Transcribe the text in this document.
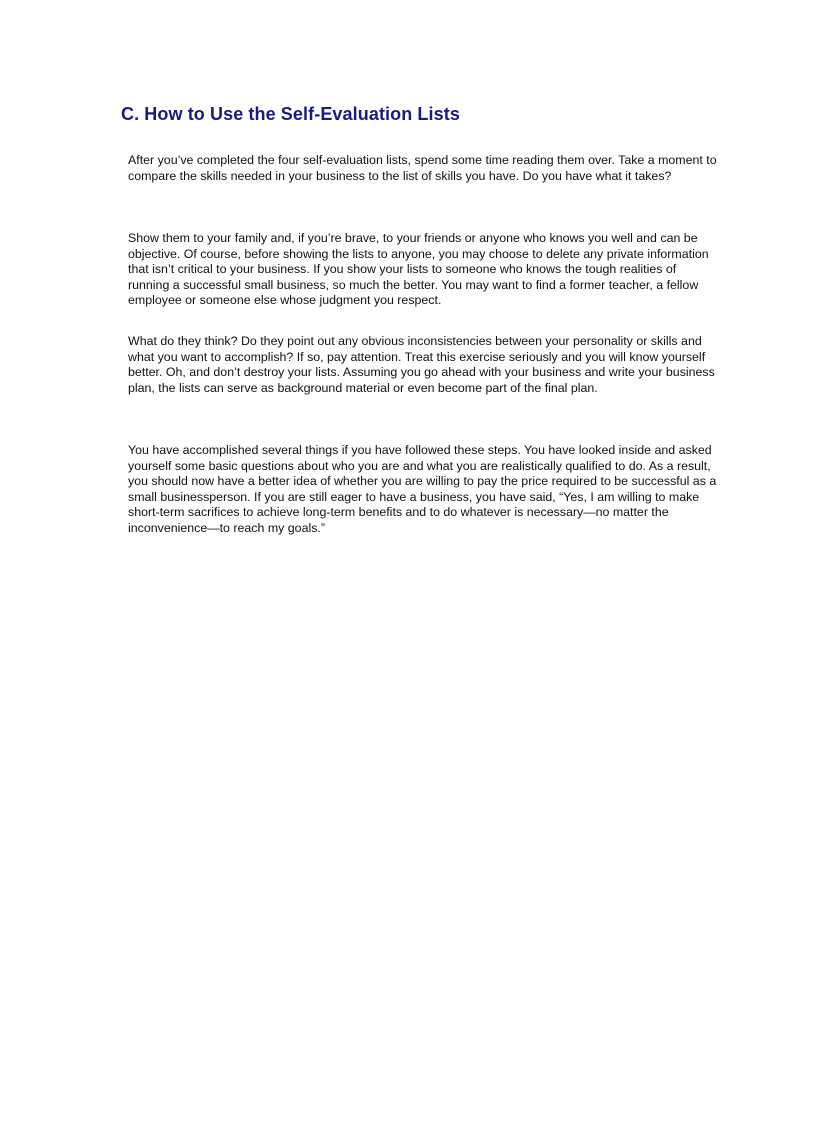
C. How to Use the Self-Evaluation Lists

After you’ve completed the four self-evaluation lists, spend some time reading them over. Take a moment to compare the skills needed in your business to the list of skills you have. Do you have what it takes?

Show them to your family and, if you’re brave, to your friends or anyone who knows you well and can be objective. Of course, before showing the lists to anyone, you may choose to delete any private information that isn’t critical to your business. If you show your lists to someone who knows the tough realities of running a successful small business, so much the better. You may want to find a former teacher, a fellow employee or someone else whose judgment you respect.

What do they think? Do they point out any obvious inconsistencies between your personality or skills and what you want to accomplish? If so, pay attention. Treat this exercise seriously and you will know yourself better. Oh, and don’t destroy your lists. Assuming you go ahead with your business and write your business plan, the lists can serve as background material or even become part of the final plan.

You have accomplished several things if you have followed these steps. You have looked inside and asked yourself some basic questions about who you are and what you are realistically qualified to do. As a result, you should now have a better idea of whether you are willing to pay the price required to be successful as a small businessperson. If you are still eager to have a business, you have said, “Yes, I am willing to make short-term sacrifices to achieve long-term benefits and to do whatever is necessary—no matter the inconvenience—to reach my goals.”
